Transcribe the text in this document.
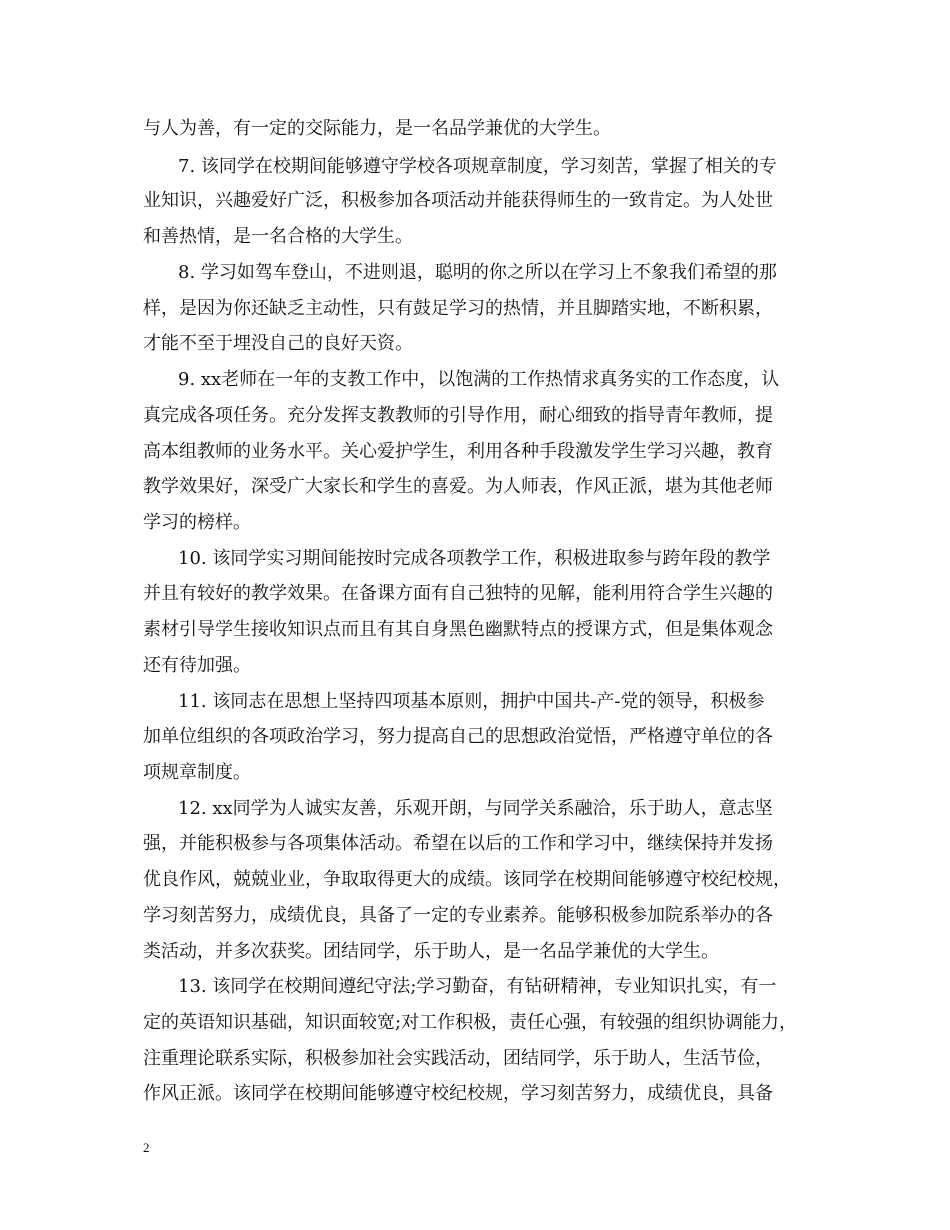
与人为善，有一定的交际能力，是一名品学兼优的大学生。
7. 该同学在校期间能够遵守学校各项规章制度，学习刻苦，掌握了相关的专
业知识，兴趣爱好广泛，积极参加各项活动并能获得师生的一致肯定。为人处世
和善热情，是一名合格的大学生。
8. 学习如驾车登山，不进则退，聪明的你之所以在学习上不象我们希望的那
样，是因为你还缺乏主动性，只有鼓足学习的热情，并且脚踏实地，不断积累，
才能不至于埋没自己的良好天资。
9. xx老师在一年的支教工作中，以饱满的工作热情求真务实的工作态度，认
真完成各项任务。充分发挥支教教师的引导作用，耐心细致的指导青年教师，提
高本组教师的业务水平。关心爱护学生，利用各种手段激发学生学习兴趣，教育
教学效果好，深受广大家长和学生的喜爱。为人师表，作风正派，堪为其他老师
学习的榜样。
10. 该同学实习期间能按时完成各项教学工作，积极进取参与跨年段的教学
并且有较好的教学效果。在备课方面有自己独特的见解，能利用符合学生兴趣的
素材引导学生接收知识点而且有其自身黑色幽默特点的授课方式，但是集体观念
还有待加强。
11. 该同志在思想上坚持四项基本原则，拥护中国共-产-党的领导，积极参
加单位组织的各项政治学习，努力提高自己的思想政治觉悟，严格遵守单位的各
项规章制度。
12. xx同学为人诚实友善，乐观开朗，与同学关系融洽，乐于助人，意志坚
强，并能积极参与各项集体活动。希望在以后的工作和学习中，继续保持并发扬
优良作风，兢兢业业，争取取得更大的成绩。该同学在校期间能够遵守校纪校规，
学习刻苦努力，成绩优良，具备了一定的专业素养。能够积极参加院系举办的各
类活动，并多次获奖。团结同学，乐于助人，是一名品学兼优的大学生。
13. 该同学在校期间遵纪守法;学习勤奋，有钻研精神，专业知识扎实，有一
定的英语知识基础，知识面较宽;对工作积极，责任心强，有较强的组织协调能力，
注重理论联系实际，积极参加社会实践活动，团结同学，乐于助人，生活节俭，
作风正派。该同学在校期间能够遵守校纪校规，学习刻苦努力，成绩优良，具备
2
